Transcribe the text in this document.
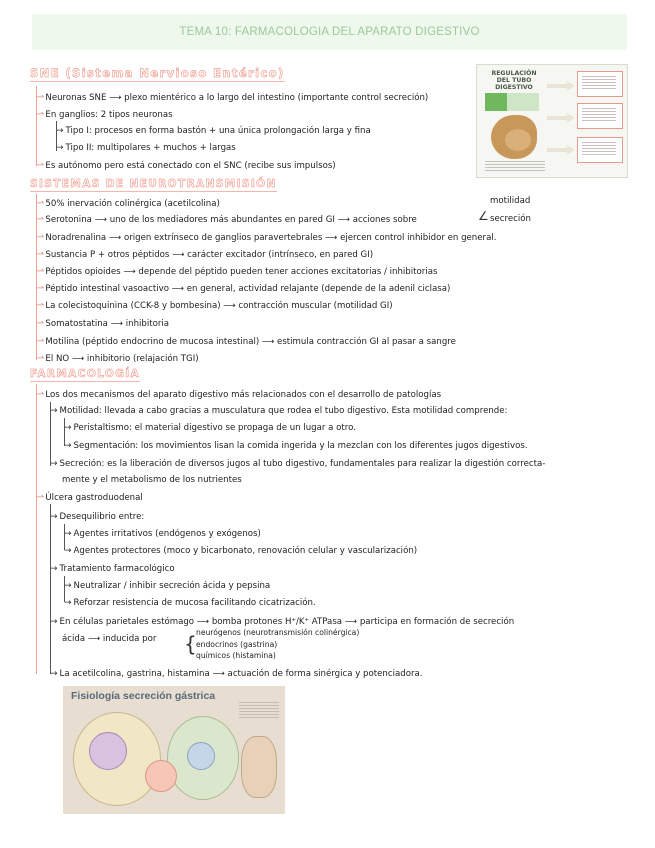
TEMA 10: FARMACOLOGIA DEL APARATO DIGESTIVO
REGULACIÓN DEL TUBO DIGESTIVO
SNE (Sistema Nervioso Entérico)
⇀Neuronas SNE ⟶ plexo mientérico a lo largo del intestino (importante control secreción)
⇀En ganglios: 2 tipos neuronas
→ Tipo I: procesos en forma bastón + una única prolongación larga y fina
→ Tipo II: multipolares + muchos + largas
⇀Es autónomo pero está conectado con el SNC (recibe sus impulsos)
SISTEMAS DE NEUROTRANSMISIÓN
⇀50% inervación colinérgica (acetilcolina)	motilidad
⇀Serotonina ⟶ uno de los mediadores más abundantes en pared GI ⟶ acciones sobre	∠ secreción
⇀Noradrenalina ⟶ origen extrínseco de ganglios paravertebrales ⟶ ejercen control inhibidor en general.
⇀Sustancia P + otros péptidos ⟶ carácter excitador (intrínseco, en pared GI)
⇀Péptidos opioides ⟶ depende del péptido pueden tener acciones excitatorias / inhibitorias
⇀Péptido intestinal vasoactivo ⟶ en general, actividad relajante (depende de la adenil ciclasa)
⇀La colecistoquinina (CCK-8 y bombesina) ⟶ contracción muscular (motilidad GI)
⇀Somatostatina ⟶ inhibitoria
⇀Motilina (péptido endocrino de mucosa intestinal) ⟶ estimula contracción GI al pasar a sangre
⇀El NO ⟶ inhibitorio (relajación TGI)
FARMACOLOGÍA
⇀Los dos mecanismos del aparato digestivo más relacionados con el desarrollo de patologías
→ Motilidad: llevada a cabo gracias a musculatura que rodea el tubo digestivo. Esta motilidad comprende:
→ Peristaltismo: el material digestivo se propaga de un lugar a otro.
→ Segmentación: los movimientos lisan la comida ingerida y la mezclan con los diferentes jugos digestivos.
→ Secreción: es la liberación de diversos jugos al tubo digestivo, fundamentales para realizar la digestión correcta-
mente y el metabolismo de los nutrientes
⇀Úlcera gastroduodenal
→ Desequilibrio entre:
→ Agentes irritativos (endógenos y exógenos)
→ Agentes protectores (moco y bicarbonato, renovación celular y vascularización)
→ Tratamiento farmacológico
→ Neutralizar / inhibir secreción ácida y pepsina
→ Reforzar resistencia de mucosa facilitando cicatrización.
→ En células parietales estómago ⟶ bomba protones H⁺/K⁺ ATPasa ⟶ participa en formación de secreción
ácida ⟶ inducida por { neurógenos (neurotransmisión colinérgica)
endocrinos (gastrina)
químicos (histamina)
→ La acetilcolina, gastrina, histamina ⟶ actuación de forma sinérgica y potenciadora.
Fisiología secreción gástrica
